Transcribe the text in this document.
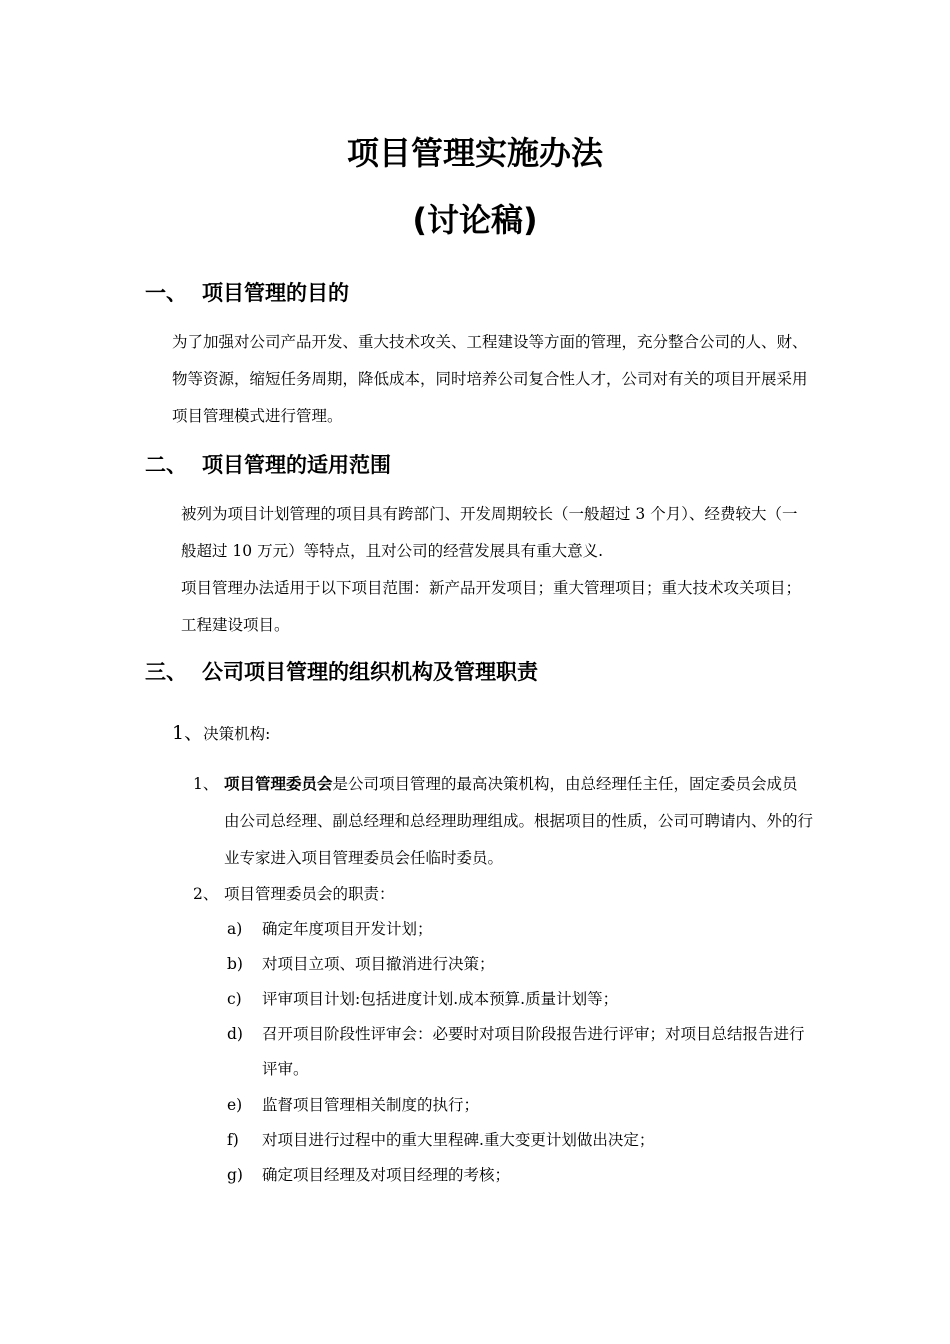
项目管理实施办法
(讨论稿)
一、 项目管理的目的

为了加强对公司产品开发、重大技术攻关、工程建设等方面的管理，充分整合公司的人、财、物等资源，缩短任务周期，降低成本，同时培养公司复合性人才，公司对有关的项目开展采用项目管理模式进行管理。

二、 项目管理的适用范围

被列为项目计划管理的项目具有跨部门、开发周期较长（一般超过 3 个月）、经费较大（一般超过 10 万元）等特点，且对公司的经营发展具有重大意义.

项目管理办法适用于以下项目范围：新产品开发项目；重大管理项目；重大技术攻关项目；工程建设项目。

三、 公司项目管理的组织机构及管理职责
1、决策机构:
1、 项目管理委员会是公司项目管理的最高决策机构，由总经理任主任，固定委员会成员由公司总经理、副总经理和总经理助理组成。根据项目的性质，公司可聘请内、外的行业专家进入项目管理委员会任临时委员。
2、 项目管理委员会的职责：
a) 确定年度项目开发计划；
b) 对项目立项、项目撤消进行决策；
c) 评审项目计划:包括进度计划.成本预算.质量计划等；
d) 召开项目阶段性评审会：必要时对项目阶段报告进行评审；对项目总结报告进行评审。
e) 监督项目管理相关制度的执行；
f) 对项目进行过程中的重大里程碑.重大变更计划做出决定；
g) 确定项目经理及对项目经理的考核；
